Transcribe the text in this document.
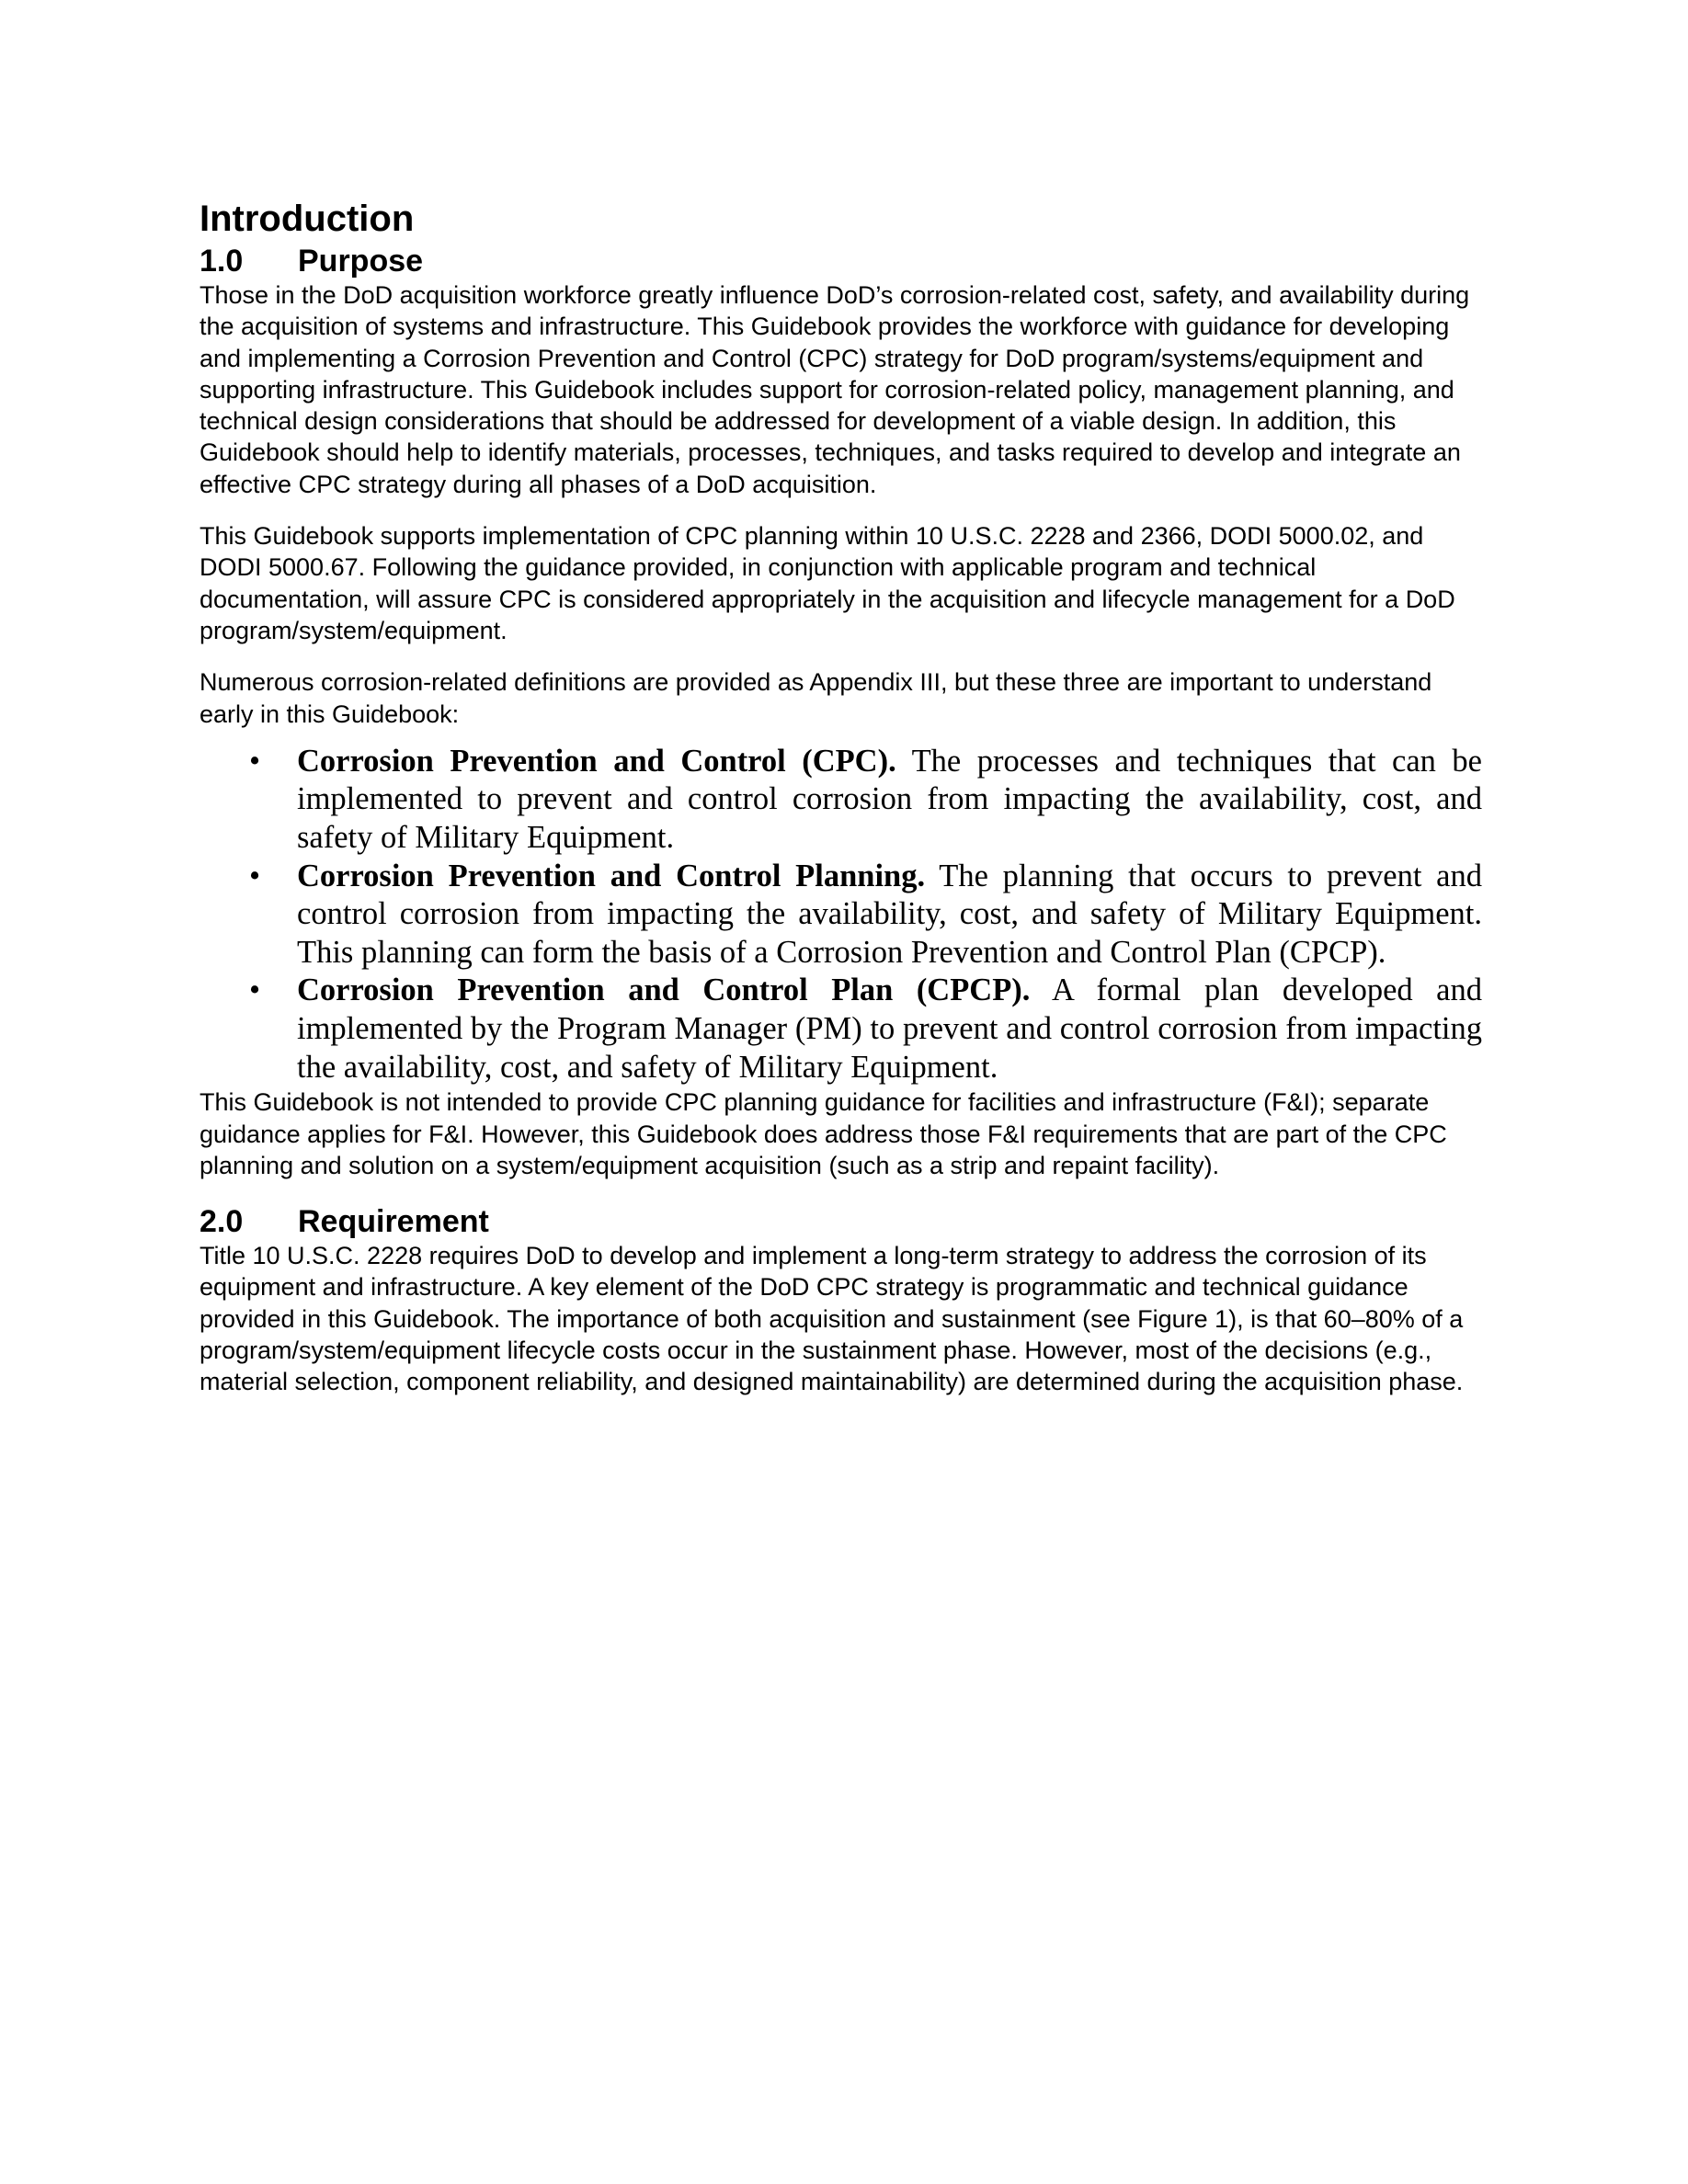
Introduction
1.0	Purpose

Those in the DoD acquisition workforce greatly influence DoD’s corrosion-related cost, safety, and availability during the acquisition of systems and infrastructure. This Guidebook provides the workforce with guidance for developing and implementing a Corrosion Prevention and Control (CPC) strategy for DoD program/systems/equipment and supporting infrastructure. This Guidebook includes support for corrosion-related policy, management planning, and technical design considerations that should be addressed for development of a viable design. In addition, this Guidebook should help to identify materials, processes, techniques, and tasks required to develop and integrate an effective CPC strategy during all phases of a DoD acquisition.

This Guidebook supports implementation of CPC planning within 10 U.S.C. 2228 and 2366, DODI 5000.02, and DODI 5000.67. Following the guidance provided, in conjunction with applicable program and technical documentation, will assure CPC is considered appropriately in the acquisition and lifecycle management for a DoD program/system/equipment.

Numerous corrosion-related definitions are provided as Appendix III, but these three are important to understand early in this Guidebook:

• Corrosion Prevention and Control (CPC). The processes and techniques that can be implemented to prevent and control corrosion from impacting the availability, cost, and safety of Military Equipment.
• Corrosion Prevention and Control Planning. The planning that occurs to prevent and control corrosion from impacting the availability, cost, and safety of Military Equipment. This planning can form the basis of a Corrosion Prevention and Control Plan (CPCP).
• Corrosion Prevention and Control Plan (CPCP). A formal plan developed and implemented by the Program Manager (PM) to prevent and control corrosion from impacting the availability, cost, and safety of Military Equipment.

This Guidebook is not intended to provide CPC planning guidance for facilities and infrastructure (F&I); separate guidance applies for F&I. However, this Guidebook does address those F&I requirements that are part of the CPC planning and solution on a system/equipment acquisition (such as a strip and repaint facility).

2.0	Requirement

Title 10 U.S.C. 2228 requires DoD to develop and implement a long-term strategy to address the corrosion of its equipment and infrastructure. A key element of the DoD CPC strategy is programmatic and technical guidance provided in this Guidebook. The importance of both acquisition and sustainment (see Figure 1), is that 60–80% of a program/system/equipment lifecycle costs occur in the sustainment phase. However, most of the decisions (e.g., material selection, component reliability, and designed maintainability) are determined during the acquisition phase.
